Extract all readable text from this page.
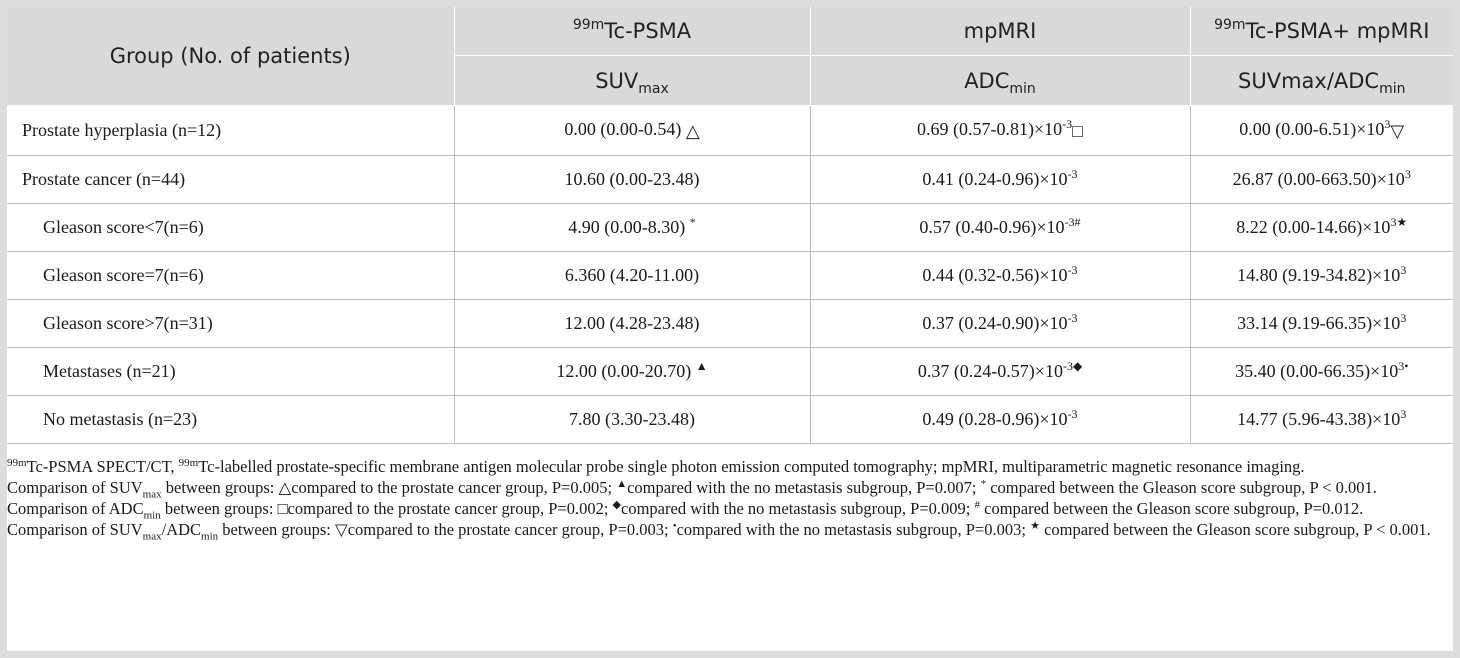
Group (No. of patients)	$^{99m}$Tc-PSMA	mpMRI	$^{99m}$Tc-PSMA+ mpMRI
	$SUV_{max}$	$ADC_{min}$	SUVmax/$ADC_{min}$
Prostate hyperplasia (n=12)	0.00 (0.00-0.54) △	0.69 $(0.57-0.81)\times 10^{-3}□$	0.00 $(0.00-6.51)\times 10^3▽$
Prostate cancer (n=44)	10.60 (0.00-23.48)	0.41 $(0.24-0.96)\times 10^{-3}$	26.87 $(0.00-663.50)\times 10^3$
Gleason score<7(n=6)	4.90 (0.00-8.30) *	0.57 $(0.40-0.96)\times 10^{-3\#}$	8.22 $(0.00-14.66)\times 10^{3★}$
Gleason score=7(n=6)	6.360 (4.20-11.00)	0.44 $(0.32-0.56)\times 10^{-3}$	14.80 $(9.19-34.82)\times 10^3$
Gleason score>7(n=31)	12.00 (4.28-23.48)	0.37 $(0.24-0.90)\times 10^{-3}$	33.14 $(9.19-66.35)\times 10^3$
Metastases (n=21)	12.00 (0.00-20.70) ▲	0.37 $(0.24-0.57)\times 10^{-3◆}$	35.40 $(0.00-66.35)\times 10^{3•}$
No metastasis (n=23)	7.80 (3.30-23.48)	0.49 $(0.28-0.96)\times 10^{-3}$	14.77 $(5.96-43.38)\times 10^3$

$^{99m}$Tc-PSMA SPECT/CT, $^{99m}$Tc-labelled prostate-specific membrane antigen molecular probe single photon emission computed tomography; mpMRI, multiparametric magnetic resonance imaging.

Comparison of $SUV_{max}$ between groups: △compared to the prostate cancer group, P=0.005; ▲compared with the no metastasis subgroup, P=0.007; * compared between the Gleason score subgroup, P < 0.001.

Comparison of $ADC_{min}$ between groups: □compared to the prostate cancer group, P=0.002; ◆compared with the no metastasis subgroup, P=0.009; # compared between the Gleason score subgroup, P=0.012.

Comparison of $SUV_{max}/ADC_{min}$ between groups: ▽compared to the prostate cancer group, P=0.003; •compared with the no metastasis subgroup, P=0.003; ★ compared between the Gleason score subgroup, P < 0.001.
